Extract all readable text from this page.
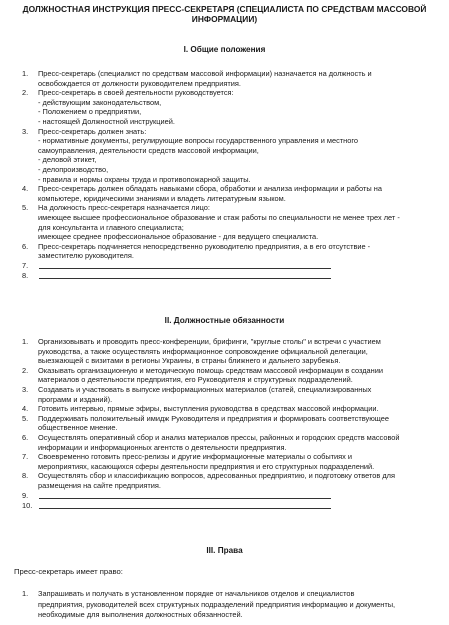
ДОЛЖНОСТНАЯ ИНСТРУКЦИЯ ПРЕСС-СЕКРЕТАРЯ (СПЕЦИАЛИСТА ПО СРЕДСТВАМ МАССОВОЙ ИНФОРМАЦИИ)
I. Общие положения
1. Пресс-секретарь (специалист по средствам массовой информации) назначается на должность и
освобождается от должности руководителем предприятия.
2. Пресс-секретарь в своей деятельности руководствуется:
- действующим законодательством,
- Положением о предприятии,
- настоящей Должностной инструкцией.
3. Пресс-секретарь должен знать:
- нормативные документы, регулирующие вопросы государственного управления и местного
самоуправления, деятельности средств массовой информации,
- деловой этикет,
- делопроизводство,
- правила и нормы охраны труда и противопожарной защиты.
4. Пресс-секретарь должен обладать навыками сбора, обработки и анализа информации и работы на
компьютере, юридическими знаниями и владеть литературным языком.
5. На должность пресс-секретаря назначается лицо:
имеющее высшее профессиональное образование и стаж работы по специальности не менее трех лет -
для консультанта и главного специалиста;
имеющее среднее профессиональное образование - для ведущего специалиста.
6. Пресс-секретарь подчиняется непосредственно руководителю предприятия, а в его отсутствие -
заместителю руководителя.
7.
8.
II. Должностные обязанности
1. Организовывать и проводить пресс-конференции, брифинги, "круглые столы" и встречи с участием
руководства, а также осуществлять информационное сопровождение официальной делегации,
выезжающей с визитами в регионы Украины, в страны ближнего и дальнего зарубежья.
2. Оказывать организационную и методическую помощь средствам массовой информации в создании
материалов о деятельности предприятия, его Руководителя и структурных подразделений.
3. Создавать и участвовать в выпуске информационных материалов (статей, специализированных
программ и изданий).
4. Готовить интервью, прямые эфиры, выступления руководства в средствах массовой информации.
5. Поддерживать положительный имидж Руководителя и предприятия и формировать соответствующее
общественное мнение.
6. Осуществлять оперативный сбор и анализ материалов прессы, районных и городских средств массовой
информации и информационных агентств о деятельности предприятия.
7. Своевременно готовить пресс-релизы и другие информационные материалы о событиях и
мероприятиях, касающихся сферы деятельности предприятия и его структурных подразделений.
8. Осуществлять сбор и классификацию вопросов, адресованных предприятию, и подготовку ответов для
размещения на сайте предприятия.
9.
10.
III. Права
Пресс-секретарь имеет право:
1. Запрашивать и получать в установленном порядке от начальников отделов и специалистов
предприятия, руководителей всех структурных подразделений предприятия информацию и документы,
необходимые для выполнения должностных обязанностей.
